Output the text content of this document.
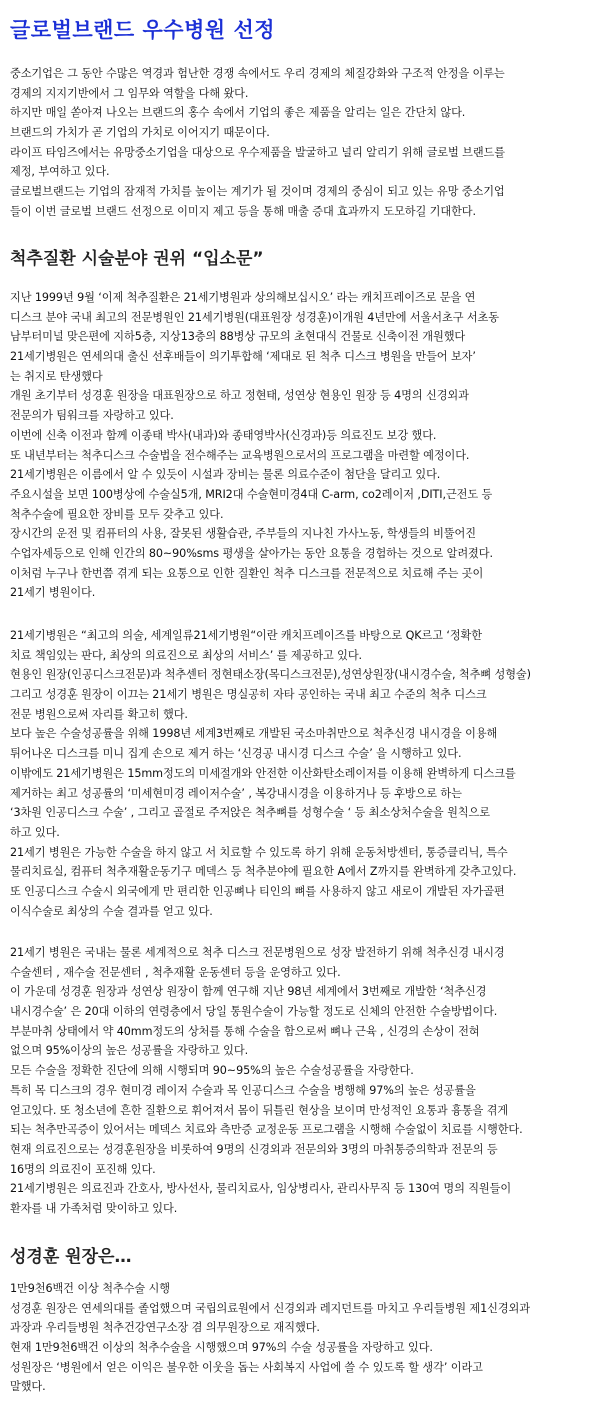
글로벌브랜드 우수병원 선정
중소기업은 그 동안 수많은 역경과 험난한 경쟁 속에서도 우리 경제의 체질강화와 구조적 안정을 이루는
경제의 지지기반에서 그 임무와 역할을 다해 왔다.
하지만 매일 쏟아져 나오는 브랜드의 홍수 속에서 기업의 좋은 제품을 알리는 일은 간단치 않다.
브랜드의 가치가 곧 기업의 가치로 이어지기 때문이다.
라이프 타임즈에서는 유망중소기업을 대상으로 우수제품을 발굴하고 널리 알리기 위해 글로벌 브랜드를
제정, 부여하고 있다.
글로벌브랜드는 기업의 잠재적 가치를 높이는 계기가 될 것이며 경제의 중심이 되고 있는 유망 중소기업
들이 이번 글로벌 브랜드 선정으로 이미지 제고 등을 통해 매출 증대 효과까지 도모하길 기대한다.
척추질환 시술분야 권위 “입소문”
지난 1999년 9월 ‘이제 척추질환은 21세기병원과 상의해보십시오’ 라는 캐치프레이즈로 문을 연
디스크 분야 국내 최고의 전문병원인 21세기병원(대표원장 성경훈)이개원 4년만에 서울서초구 서초동
남부터미널 맞은편에 지하5층, 지상13층의 88병상 규모의 초현대식 건물로 신축이전 개원했다
21세기병원은 연세의대 출신 선후배들이 의기투합해 ‘제대로 된 척추 디스크 병원을 만들어 보자’
는 취지로 탄생했다
개원 초기부터 성경훈 원장을 대표원장으로 하고 정현태, 성연상 현용인 원장 등 4명의 신경외과
전문의가 팀워크를 자랑하고 있다.
이번에 신축 이전과 함께 이종태 박사(내과)와 종태영박사(신경과)등 의료진도 보강 했다.
또 내년부터는 척추디스크 수술법을 전수해주는 교육병원으로서의 프로그램을 마련할 예정이다.
21세기병원은 이름에서 알 수 있듯이 시설과 장비는 물론 의료수준이 첨단을 달리고 있다.
주요시설을 보면 100병상에 수술실5개, MRI2대 수술현미경4대 C-arm, co2레이저 ,DITI,근전도 등
척추수술에 필요한 장비를 모두 갖추고 있다.
장시간의 운전 및 컴퓨터의 사용, 잘못된 생활습관, 주부들의 지나친 가사노동, 학생들의 비뚤어진
수업자세등으로 인해 인간의 80~90%sms 평생을 살아가는 동안 요통을 경험하는 것으로 알려졌다.
이처럼 누구나 한번쯤 겪게 되는 요통으로 인한 질환인 척추 디스크를 전문적으로 치료해 주는 곳이
21세기 병원이다.
21세기병원은 “최고의 의술, 세계일류21세기병원“이란 캐치프레이즈를 바탕으로 QK르고 ‘정확한
치료 책임있는 판다, 최상의 의료진으로 최상의 서비스’ 를 제공하고 있다.
현용인 원장(인공디스크전문)과 척추센터 정현태소장(목디스크전문),성연상원장(내시경수술, 척추뼈 성형술)
그리고 성경훈 원장이 이끄는 21세기 병원은 명실공히 자타 공인하는 국내 최고 수준의 척추 디스크
전문 병원으로써 자리를 확고히 했다.
보다 높은 수술성공률을 위해 1998년 세계3번째로 개발된 국소마취만으로 척추신경 내시경을 이용해
튀어나온 디스크를 미니 집게 손으로 제거 하는 ‘신경공 내시경 디스크 수술’ 을 시행하고 있다.
이밖에도 21세기병원은 15mm정도의 미세절개와 안전한 이산화탄소레이저를 이용해 완벽하게 디스크를
제거하는 최고 성공률의 ‘미세현미경 레이저수술’ , 복강내시경을 이용하거나 등 후방으로 하는
‘3차원 인공디스크 수술’ , 그리고 골절로 주저앉은 척추뼈를 성형수술 ‘ 등 최소상처수술을 원칙으로
하고 있다.
21세기 병원은 가능한 수술을 하지 않고 서 치료할 수 있도록 하기 위해 운동처방센터, 통증클리닉, 특수
물리치료실, 컴퓨터 척추재활운동기구 메덱스 등 척추분야에 필요한 A에서 Z까지를 완벽하게 갖추고있다.
또 인공디스크 수술시 외국에게 만 편리한 인공뼈나 티인의 뼈를 사용하지 않고 새로이 개발된 자가골편
이식수술로 최상의 수술 결과를 얻고 있다.
21세기 병원은 국내는 물론 세계적으로 척추 디스크 전문병원으로 성장 발전하기 위해 척추신경 내시경
수술센터 , 재수술 전문센터 , 척추재활 운동센터 등을 운영하고 있다.
이 가운데 성경훈 원장과 성연상 원장이 함께 연구해 지난 98년 세계에서 3번째로 개발한 ‘척추신경
내시경수술’ 은 20대 이하의 연령층에서 당일 통원수술이 가능할 정도로 신체의 안전한 수술방법이다.
부분마취 상태에서 약 40mm정도의 상처를 통해 수술을 함으로써 뼈나 근육 , 신경의 손상이 전혀
없으며 95%이상의 높은 성공률을 자랑하고 있다.
모든 수술을 정확한 진단에 의해 시행되며 90~95%의 높은 수술성공률을 자랑한다.
특히 목 디스크의 경우 현미경 레이저 수술과 목 인공디스크 수술을 병행해 97%의 높은 성공률을
얻고있다. 또 청소년에 흔한 질환으로 휘어져서 몸이 뒤틀린 현상을 보이며 만성적인 요통과 흉통을 겪게
되는 척추만곡증이 있어서는 메덱스 치료와 측만증 교정운동 프로그램을 시행해 수술없이 치료를 시행한다.
현재 의료진으로는 성경훈원장을 비롯하여 9명의 신경외과 전문의와 3명의 마취통증의학과 전문의 등
16명의 의료진이 포진해 있다.
21세기병원은 의료진과 간호사, 방사선사, 물리치료사, 임상병리사, 관리사무직 등 130여 명의 직원들이
환자를 내 가족처럼 맞이하고 있다.
성경훈 원장은…
1만9천6백건 이상 척추수술 시행
성경훈 원장은 연세의대를 졸업했으며 국립의료원에서 신경외과 레지던트를 마치고 우리들병원 제1신경외과
과장과 우리들병원 척추건강연구소장 겸 의무원장으로 재직했다.
현재 1만9천6백건 이상의 척추수술을 시행했으며 97%의 수술 성공률을 자랑하고 있다.
성원장은 ‘병원에서 얻은 이익은 불우한 이웃을 돕는 사회복지 사업에 쓸 수 있도록 할 생각’ 이라고
말했다.
